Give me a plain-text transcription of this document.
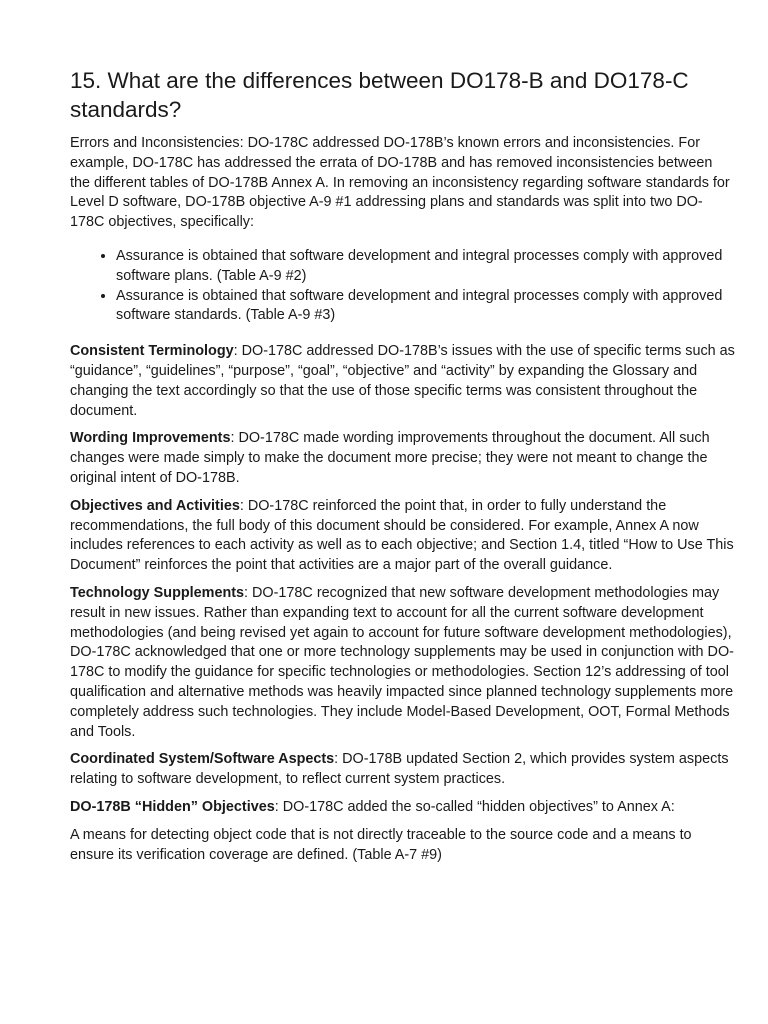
15. What are the differences between DO178-B and DO178-C standards?

Errors and Inconsistencies: DO-178C addressed DO-178B’s known errors and inconsistencies. For example, DO-178C has addressed the errata of DO-178B and has removed inconsistencies between the different tables of DO-178B Annex A. In removing an inconsistency regarding software standards for Level D software, DO-178B objective A-9 #1 addressing plans and standards was split into two DO-178C objectives, specifically:

• Assurance is obtained that software development and integral processes comply with approved software plans. (Table A-9 #2)
• Assurance is obtained that software development and integral processes comply with approved software standards. (Table A-9 #3)

Consistent Terminology: DO-178C addressed DO-178B’s issues with the use of specific terms such as “guidance”, “guidelines”, “purpose”, “goal”, “objective” and “activity” by expanding the Glossary and changing the text accordingly so that the use of those specific terms was consistent throughout the document.

Wording Improvements: DO-178C made wording improvements throughout the document. All such changes were made simply to make the document more precise; they were not meant to change the original intent of DO-178B.

Objectives and Activities: DO-178C reinforced the point that, in order to fully understand the recommendations, the full body of this document should be considered. For example, Annex A now includes references to each activity as well as to each objective; and Section 1.4, titled “How to Use This Document” reinforces the point that activities are a major part of the overall guidance.

Technology Supplements: DO-178C recognized that new software development methodologies may result in new issues. Rather than expanding text to account for all the current software development methodologies (and being revised yet again to account for future software development methodologies), DO-178C acknowledged that one or more technology supplements may be used in conjunction with DO-178C to modify the guidance for specific technologies or methodologies. Section 12’s addressing of tool qualification and alternative methods was heavily impacted since planned technology supplements more completely address such technologies. They include Model-Based Development, OOT, Formal Methods and Tools.

Coordinated System/Software Aspects: DO-178B updated Section 2, which provides system aspects relating to software development, to reflect current system practices.

DO-178B “Hidden” Objectives: DO-178C added the so-called “hidden objectives” to Annex A:

A means for detecting object code that is not directly traceable to the source code and a means to ensure its verification coverage are defined. (Table A-7 #9)
